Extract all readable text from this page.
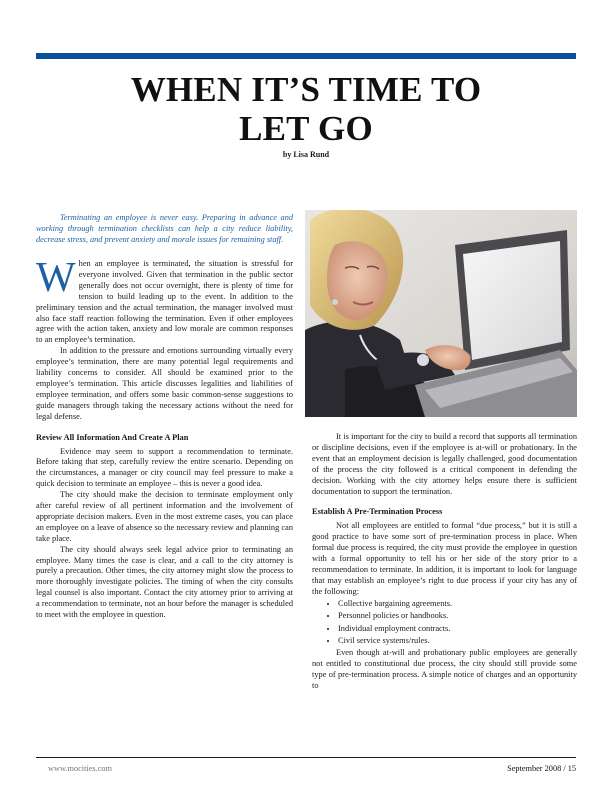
WHEN IT’S TIME TO
LET GO
by Lisa Rund

Terminating an employee is never easy. Preparing in advance and working through termination checklists can help a city reduce liability, decrease stress, and prevent anxiety and morale issues for remaining staff.

When an employee is terminated, the situation is stressful for everyone involved. Given that termination in the public sector generally does not occur overnight, there is plenty of time for tension to build leading up to the event. In addition to the preliminary tension and the actual termination, the manager involved must also face staff reaction following the termination. Even if other employees agree with the action taken, anxiety and low morale are common responses to an employee’s termination.

In addition to the pressure and emotions surrounding virtually every employee’s termination, there are many potential legal requirements and liability concerns to consider. All should be examined prior to the employee’s termination. This article discusses legalities and liabilities of employee termination, and offers some basic common-sense suggestions to guide managers through taking the necessary actions without the need for legal defense.

Review All Information And Create A Plan

Evidence may seem to support a recommendation to terminate. Before taking that step, carefully review the entire scenario. Depending on the circumstances, a manager or city council may feel pressure to make a quick decision to terminate an employee – this is never a good idea.

The city should make the decision to terminate employment only after careful review of all pertinent information and the involvement of appropriate decision makers. Even in the most extreme cases, you can place an employee on a leave of absence so the necessary review and planning can take place.

The city should always seek legal advice prior to terminating an employee. Many times the case is clear, and a call to the city attorney is purely a precaution. Other times, the city attorney might slow the process to more thoroughly investigate policies. The timing of when the city consults legal counsel is also important. Contact the city attorney prior to arriving at a recommendation to terminate, not an hour before the manager is scheduled to meet with the employee in question.

It is important for the city to build a record that supports all termination or discipline decisions, even if the employee is at-will or probationary. In the event that an employment decision is legally challenged, good documentation of the process the city followed is a critical component in defending the decision. Working with the city attorney helps ensure there is sufficient documentation to support the termination.

Establish A Pre-Termination Process

Not all employees are entitled to formal “due process,” but it is still a good practice to have some sort of pre-termination process in place. When formal due process is required, the city must provide the employee in question with a formal opportunity to tell his or her side of the story prior to a recommendation to terminate. In addition, it is important to look for language that may establish an employee’s right to due process if your city has any of the following:

• Collective bargaining agreements.
• Personnel policies or handbooks.
• Individual employment contracts.
• Civil service systems/rules.

Even though at-will and probationary public employees are generally not entitled to constitutional due process, the city should still provide some type of pre-termination process. A simple notice of charges and an opportunity to

www.mocities.com	September 2008 / 15
